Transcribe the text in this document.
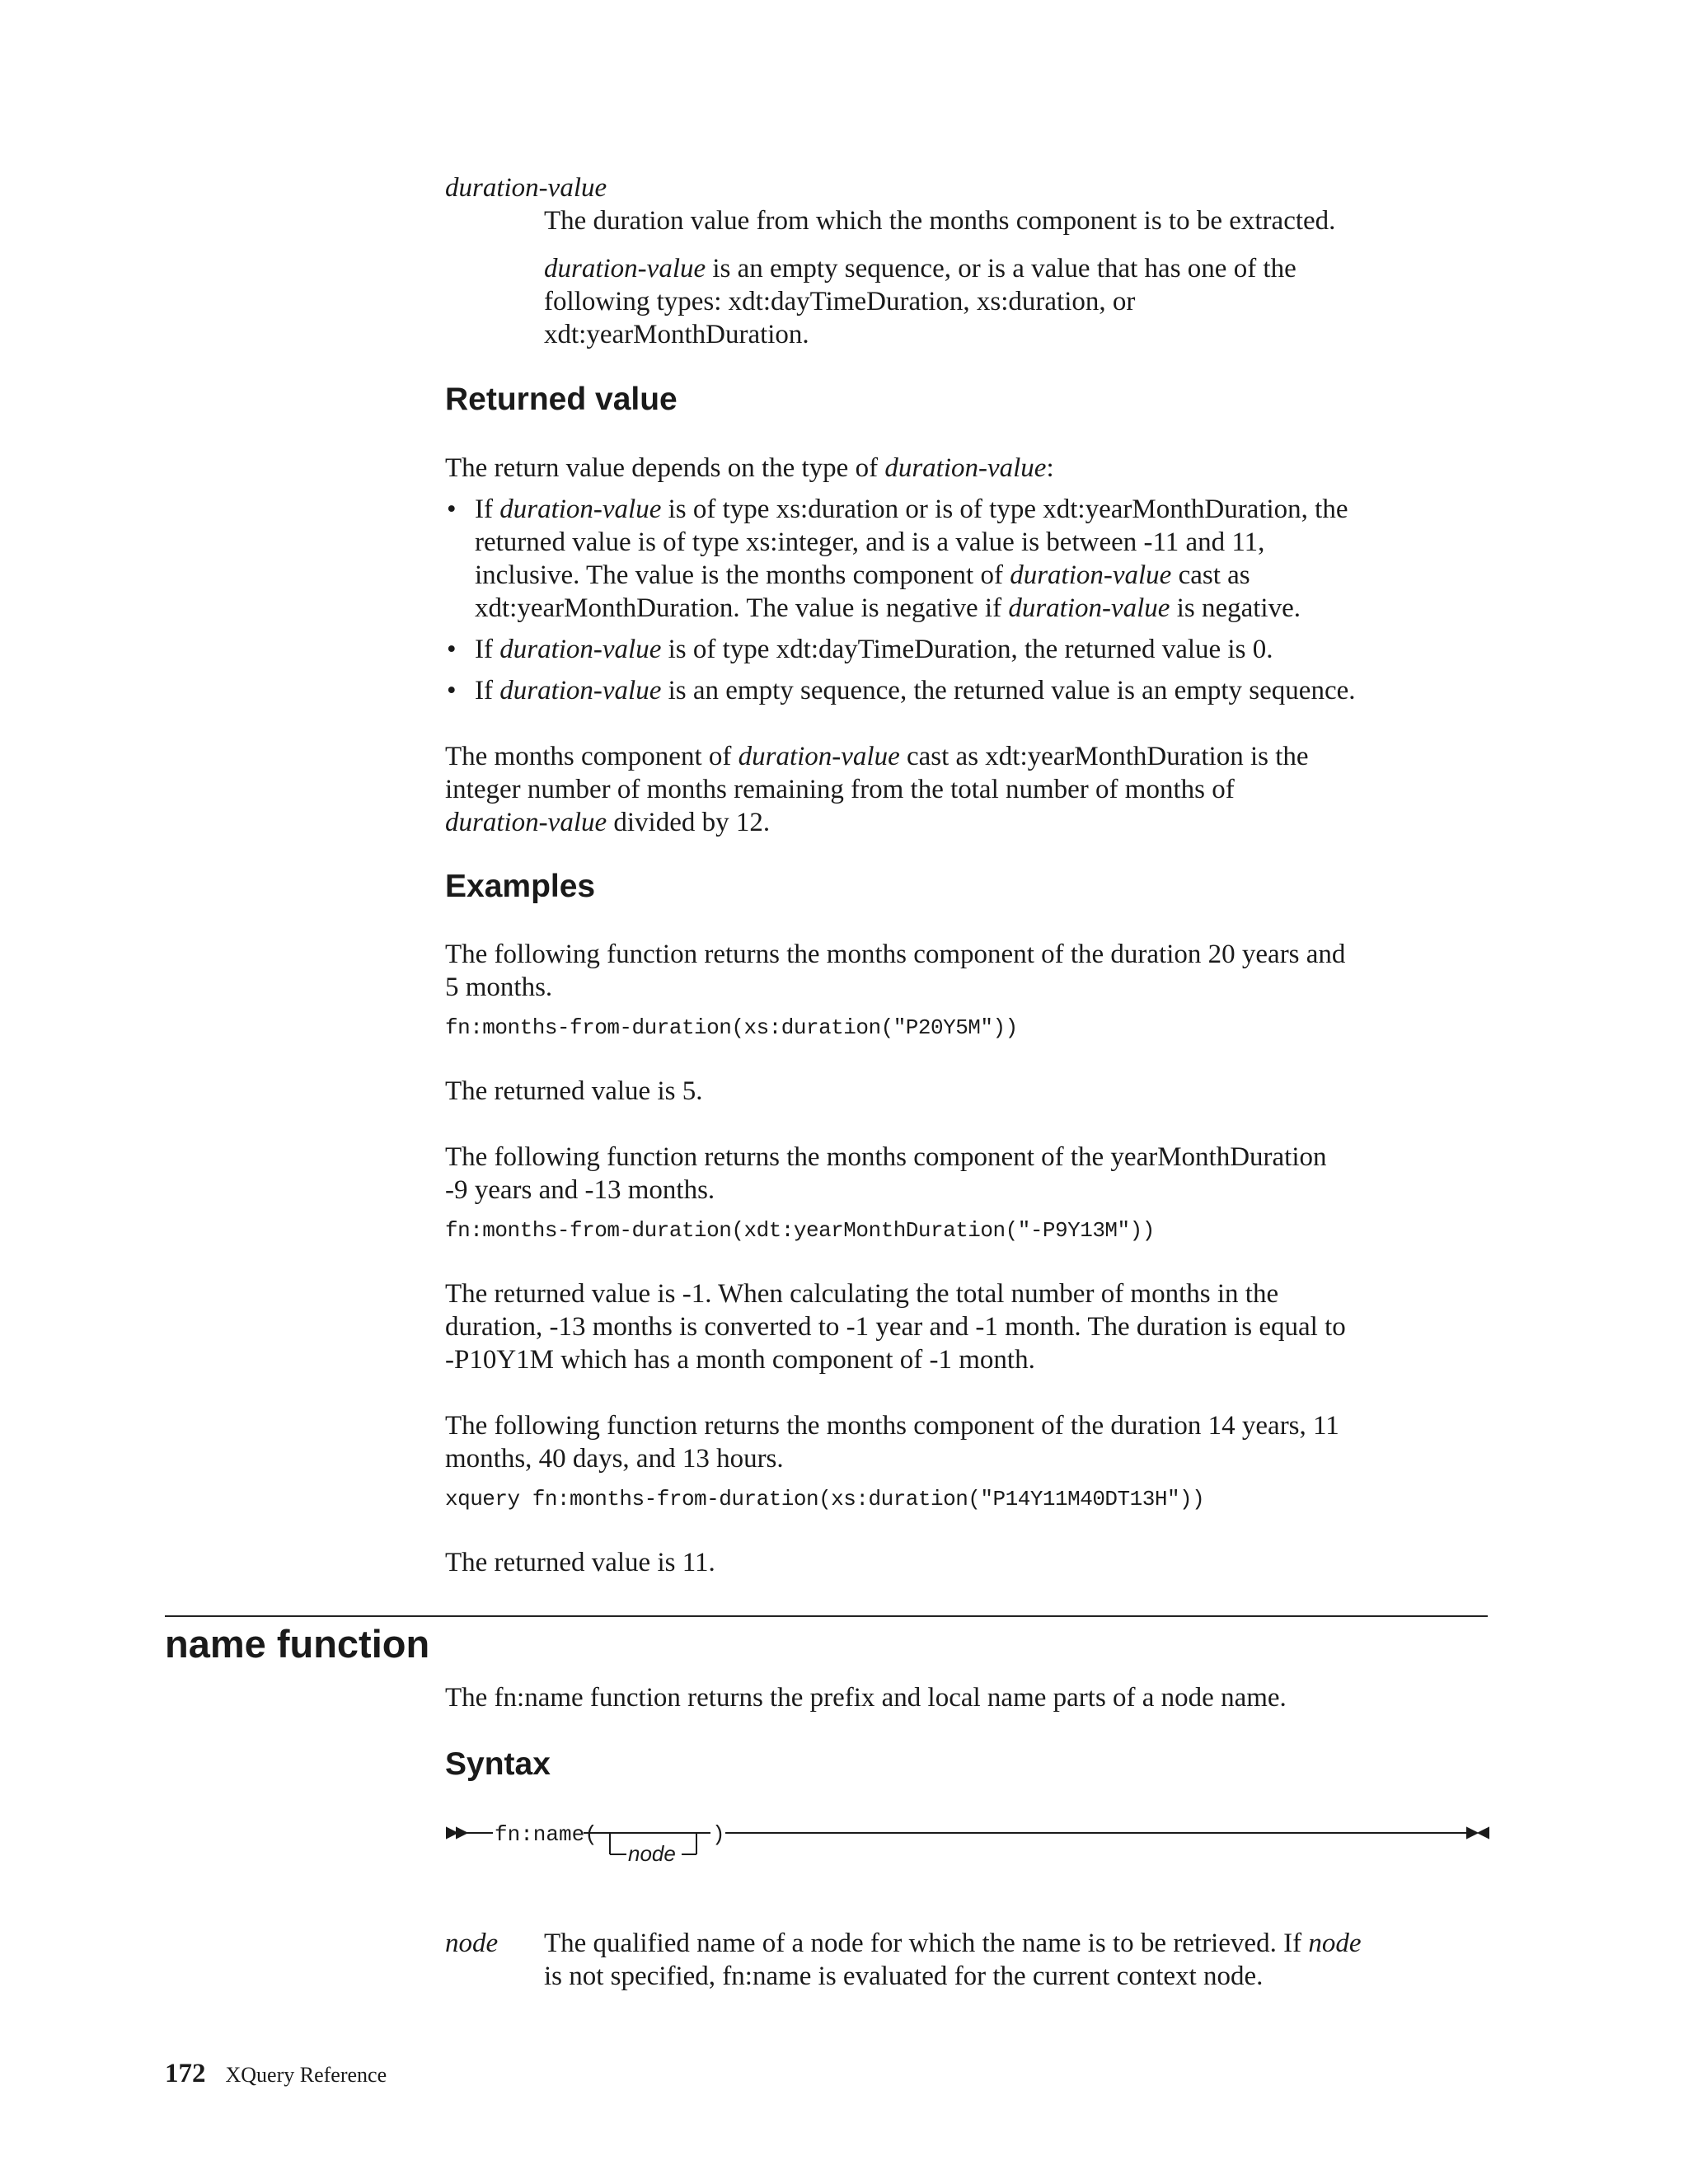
duration-value

The duration value from which the months component is to be extracted.

duration-value is an empty sequence, or is a value that has one of the
following types: xdt:dayTimeDuration, xs:duration, or
xdt:yearMonthDuration.

Returned value

The return value depends on the type of duration-value:

• If duration-value is of type xs:duration or is of type xdt:yearMonthDuration, the
returned value is of type xs:integer, and is a value is between -11 and 11,
inclusive. The value is the months component of duration-value cast as
xdt:yearMonthDuration. The value is negative if duration-value is negative.
• If duration-value is of type xdt:dayTimeDuration, the returned value is 0.
• If duration-value is an empty sequence, the returned value is an empty sequence.

The months component of duration-value cast as xdt:yearMonthDuration is the
integer number of months remaining from the total number of months of
duration-value divided by 12.

Examples

The following function returns the months component of the duration 20 years and
5 months.

fn:months-from-duration(xs:duration("P20Y5M"))
The returned value is 5.

The following function returns the months component of the yearMonthDuration
-9 years and -13 months.

fn:months-from-duration(xdt:yearMonthDuration("-P9Y13M"))

The returned value is -1. When calculating the total number of months in the
duration, -13 months is converted to -1 year and -1 month. The duration is equal to
-P10Y1M which has a month component of -1 month.

The following function returns the months component of the duration 14 years, 11
months, 40 days, and 13 hours.

xquery fn:months-from-duration(xs:duration("P14Y11M40DT13H"))
The returned value is 11.
name function
The fn:name function returns the prefix and local name parts of a node name.
Syntax
fn:name(	)
node
node	The qualified name of a node for which the name is to be retrieved. If node
is not specified, fn:name is evaluated for the current context node.
172 XQuery Reference
